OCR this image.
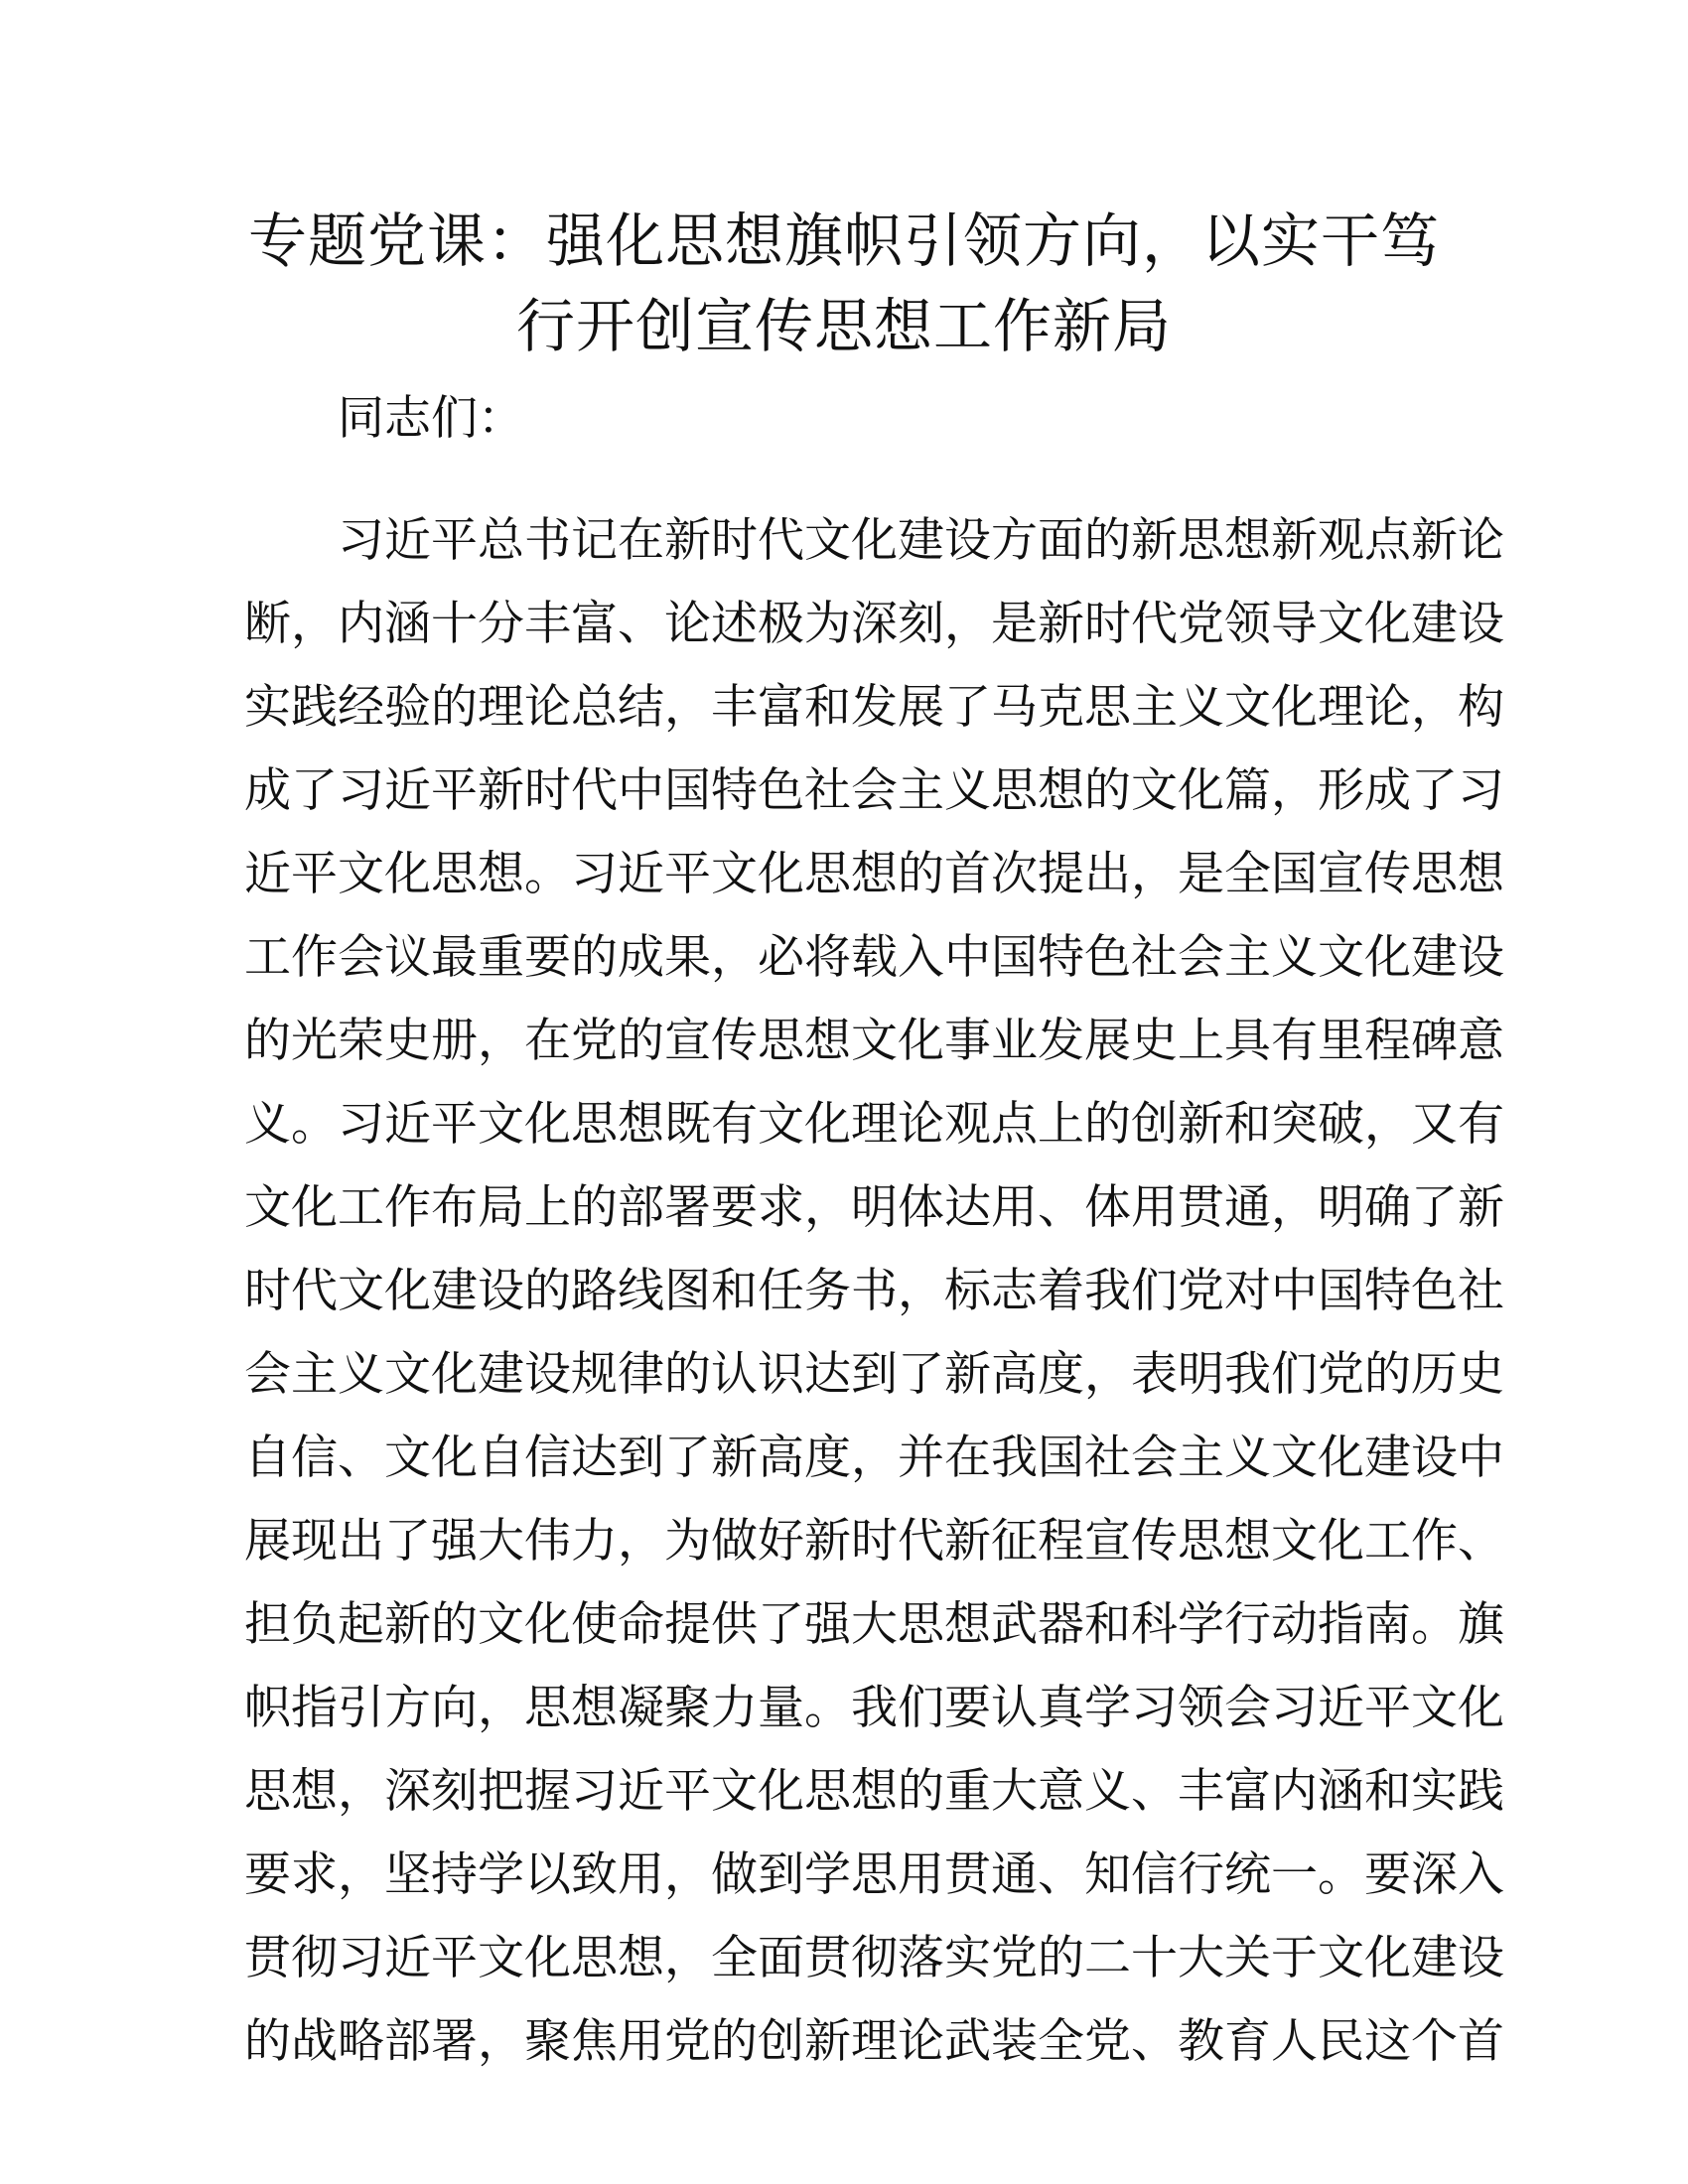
专题党课：强化思想旗帜引领方向，以实干笃
行开创宣传思想工作新局
同志们：
习近平总书记在新时代文化建设方面的新思想新观点新论
断，内涵十分丰富、论述极为深刻，是新时代党领导文化建设
实践经验的理论总结，丰富和发展了马克思主义文化理论，构
成了习近平新时代中国特色社会主义思想的文化篇，形成了习
近平文化思想。习近平文化思想的首次提出，是全国宣传思想
工作会议最重要的成果，必将载入中国特色社会主义文化建设
的光荣史册，在党的宣传思想文化事业发展史上具有里程碑意
义。习近平文化思想既有文化理论观点上的创新和突破，又有
文化工作布局上的部署要求，明体达用、体用贯通，明确了新
时代文化建设的路线图和任务书，标志着我们党对中国特色社
会主义文化建设规律的认识达到了新高度，表明我们党的历史
自信、文化自信达到了新高度，并在我国社会主义文化建设中
展现出了强大伟力，为做好新时代新征程宣传思想文化工作、
担负起新的文化使命提供了强大思想武器和科学行动指南。旗
帜指引方向，思想凝聚力量。我们要认真学习领会习近平文化
思想，深刻把握习近平文化思想的重大意义、丰富内涵和实践
要求，坚持学以致用，做到学思用贯通、知信行统一。要深入
贯彻习近平文化思想，全面贯彻落实党的二十大关于文化建设
的战略部署，聚焦用党的创新理论武装全党、教育人民这个首
